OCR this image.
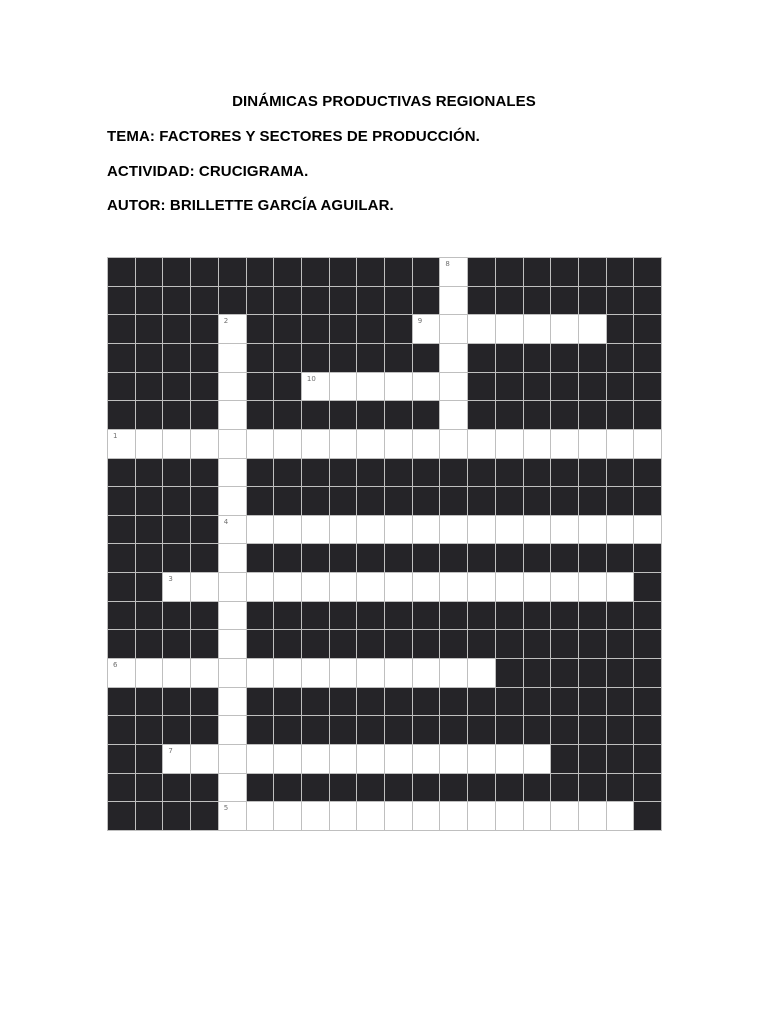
DINÁMICAS PRODUCTIVAS REGIONALES
TEMA: FACTORES Y SECTORES DE PRODUCCIÓN.
ACTIVIDAD: CRUCIGRAMA.
AUTOR: BRILLETTE GARCÍA AGUILAR.
8
2	9
10
1
4
3
6
7
5
